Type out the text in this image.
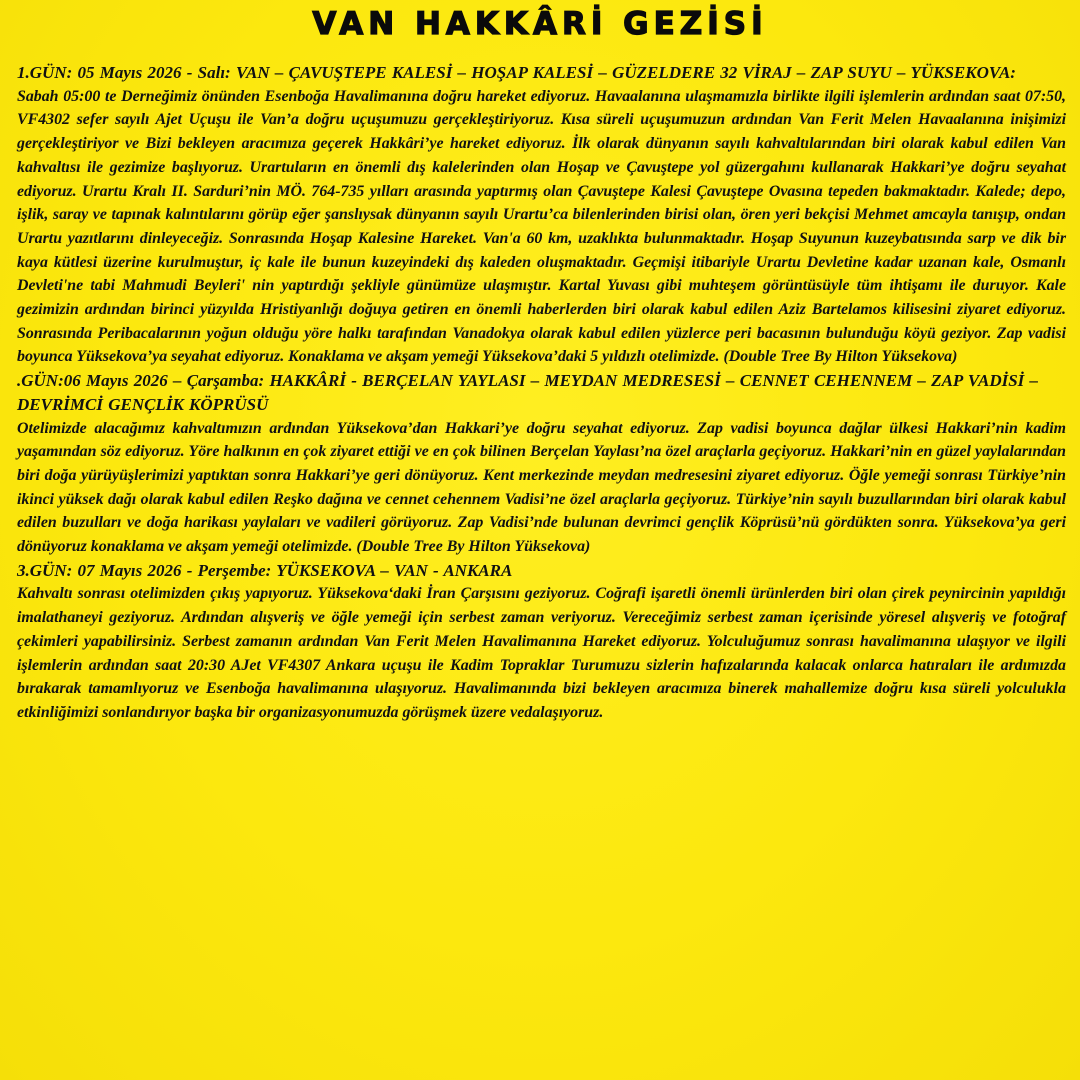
VAN HAKKÂRİ GEZİSİ

1.GÜN: 05 Mayıs 2026 - Salı: VAN – ÇAVUŞTEPE KALESİ – HOŞAP KALESİ – GÜZELDERE 32 VİRAJ – ZAP SUYU – YÜKSEKOVA:

Sabah 05:00 te Derneğimiz önünden Esenboğa Havalimanına doğru hareket ediyoruz. Havaalanına ulaşmamızla birlikte ilgili işlemlerin ardından saat 07:50, VF4302 sefer sayılı Ajet Uçuşu ile Van’a doğru uçuşumuzu gerçekleştiriyoruz. Kısa süreli uçuşumuzun ardından Van Ferit Melen Havaalanına inişimizi gerçekleştiriyor ve Bizi bekleyen aracımıza geçerek Hakkâri’ye hareket ediyoruz. İlk olarak dünyanın sayılı kahvaltılarından biri olarak kabul edilen Van kahvaltısı ile gezimize başlıyoruz. Urartuların en önemli dış kalelerinden olan Hoşap ve Çavuştepe yol güzergahını kullanarak Hakkari’ye doğru seyahat ediyoruz. Urartu Kralı II. Sarduri’nin MÖ. 764-735 yılları arasında yaptırmış olan Çavuştepe Kalesi Çavuştepe Ovasına tepeden bakmaktadır. Kalede; depo, işlik, saray ve tapınak kalıntılarını görüp eğer şanslıysak dünyanın sayılı Urartu’ca bilenlerinden birisi olan, ören yeri bekçisi Mehmet amcayla tanışıp, ondan Urartu yazıtlarını dinleyeceğiz. Sonrasında Hoşap Kalesine Hareket. Van'a 60 km, uzaklıkta bulunmaktadır. Hoşap Suyunun kuzeybatısında sarp ve dik bir kaya kütlesi üzerine kurulmuştur, iç kale ile bunun kuzeyindeki dış kaleden oluşmaktadır. Geçmişi itibariyle Urartu Devletine kadar uzanan kale, Osmanlı Devleti'ne tabi Mahmudi Beyleri' nin yaptırdığı şekliyle günümüze ulaşmıştır. Kartal Yuvası gibi muhteşem görüntüsüyle tüm ihtişamı ile duruyor. Kale gezimizin ardından birinci yüzyılda Hristiyanlığı doğuya getiren en önemli haberlerden biri olarak kabul edilen Aziz Bartelamos kilisesini ziyaret ediyoruz. Sonrasında Peribacalarının yoğun olduğu yöre halkı tarafından Vanadokya olarak kabul edilen yüzlerce peri bacasının bulunduğu köyü geziyor. Zap vadisi boyunca Yüksekova’ya seyahat ediyoruz. Konaklama ve akşam yemeği Yüksekova’daki 5 yıldızlı otelimizde. (Double Tree By Hilton Yüksekova)

.GÜN:06 Mayıs 2026 – Çarşamba: HAKKÂRİ - BERÇELAN YAYLASI – MEYDAN MEDRESESİ – CENNET CEHENNEM – ZAP VADİSİ – DEVRİMCİ GENÇLİK KÖPRÜSÜ

Otelimizde alacağımız kahvaltımızın ardından Yüksekova’dan Hakkari’ye doğru seyahat ediyoruz. Zap vadisi boyunca dağlar ülkesi Hakkari’nin kadim yaşamından söz ediyoruz. Yöre halkının en çok ziyaret ettiği ve en çok bilinen Berçelan Yaylası’na özel araçlarla geçiyoruz. Hakkari’nin en güzel yaylalarından biri doğa yürüyüşlerimizi yaptıktan sonra Hakkari’ye geri dönüyoruz. Kent merkezinde meydan medresesini ziyaret ediyoruz. Öğle yemeği sonrası Türkiye’nin ikinci yüksek dağı olarak kabul edilen Reşko dağına ve cennet cehennem Vadisi’ne özel araçlarla geçiyoruz. Türkiye’nin sayılı buzullarından biri olarak kabul edilen buzulları ve doğa harikası yaylaları ve vadileri görüyoruz. Zap Vadisi’nde bulunan devrimci gençlik Köprüsü’nü gördükten sonra. Yüksekova’ya geri dönüyoruz konaklama ve akşam yemeği otelimizde. (Double Tree By Hilton Yüksekova)

3.GÜN: 07 Mayıs 2026 - Perşembe: YÜKSEKOVA – VAN - ANKARA

Kahvaltı sonrası otelimizden çıkış yapıyoruz. Yüksekova‘daki İran Çarşısını geziyoruz. Coğrafi işaretli önemli ürünlerden biri olan çirek peynircinin yapıldığı imalathaneyi geziyoruz. Ardından alışveriş ve öğle yemeği için serbest zaman veriyoruz. Vereceğimiz serbest zaman içerisinde yöresel alışveriş ve fotoğraf çekimleri yapabilirsiniz. Serbest zamanın ardından Van Ferit Melen Havalimanına Hareket ediyoruz. Yolculuğumuz sonrası havalimanına ulaşıyor ve ilgili işlemlerin ardından saat 20:30 AJet VF4307 Ankara uçuşu ile Kadim Topraklar Turumuzu sizlerin hafızalarında kalacak onlarca hatıraları ile ardımızda bırakarak tamamlıyoruz ve Esenboğa havalimanına ulaşıyoruz. Havalimanında bizi bekleyen aracımıza binerek mahallemize doğru kısa süreli yolculukla etkinliğimizi sonlandırıyor başka bir organizasyonumuzda görüşmek üzere vedalaşıyoruz.
